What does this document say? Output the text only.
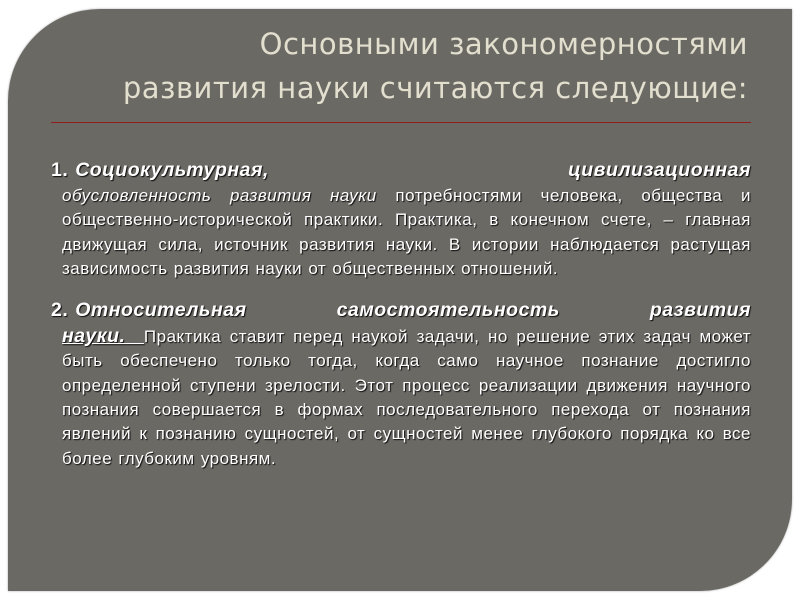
Основными закономерностями
развития науки считаются следующие:
1. Социокультурная,	цивилизационная
обусловленность развития науки потребностями человека, общества и общественно-исторической практики. Практика, в конечном счете, – главная движущая сила, источник развития науки. В истории наблюдается растущая зависимость развития науки от общественных отношений.
2. Относительная	самостоятельность	развития
науки. Практика ставит перед наукой задачи, но решение этих задач может быть обеспечено только тогда, когда само научное познание достигло определенной ступени зрелости. Этот процесс реализации движения научного познания совершается в формах последовательного перехода от познания явлений к познанию сущностей, от сущностей менее глубокого порядка ко все более глубоким уровням.
